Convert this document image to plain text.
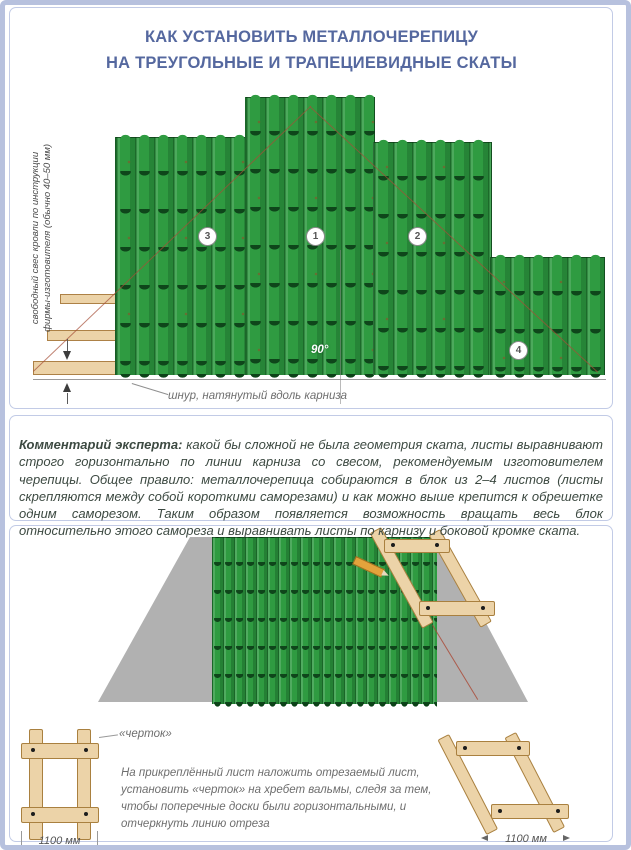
КАК УСТАНОВИТЬ МЕТАЛЛОЧЕРЕПИЦУ
НА ТРЕУГОЛЬНЫЕ И ТРАПЕЦИЕВИДНЫЕ СКАТЫ
свободный свес кровли по инструкции фирмы-изготовителя (обычно 40–50 мм)	3	1	2
4
90°
шнур, натянутый вдоль карниза

Комментарий эксперта: какой бы сложной не была геометрия ската, листы выравнивают строго горизонтально по линии карниза со свесом, рекомендуемым изготовителем черепицы. Общее правило: металлочерепица собираются в блок из 2–4 листов (листы скрепляются между собой короткими саморезами) и как можно выше крепится к обрешетке одним саморезом. Таким образом появляется возможность вращать весь блок относительно этого самореза и выравнивать листы по карнизу и боковой кромке ската.

«черток»
На прикреплённый лист наложить отрезаемый лист,
установить «черток» на хребет вальмы, следя за тем,
чтобы поперечные доски были горизонтальными, и
отчеркнуть линию отреза
1100 мм	1100 мм
